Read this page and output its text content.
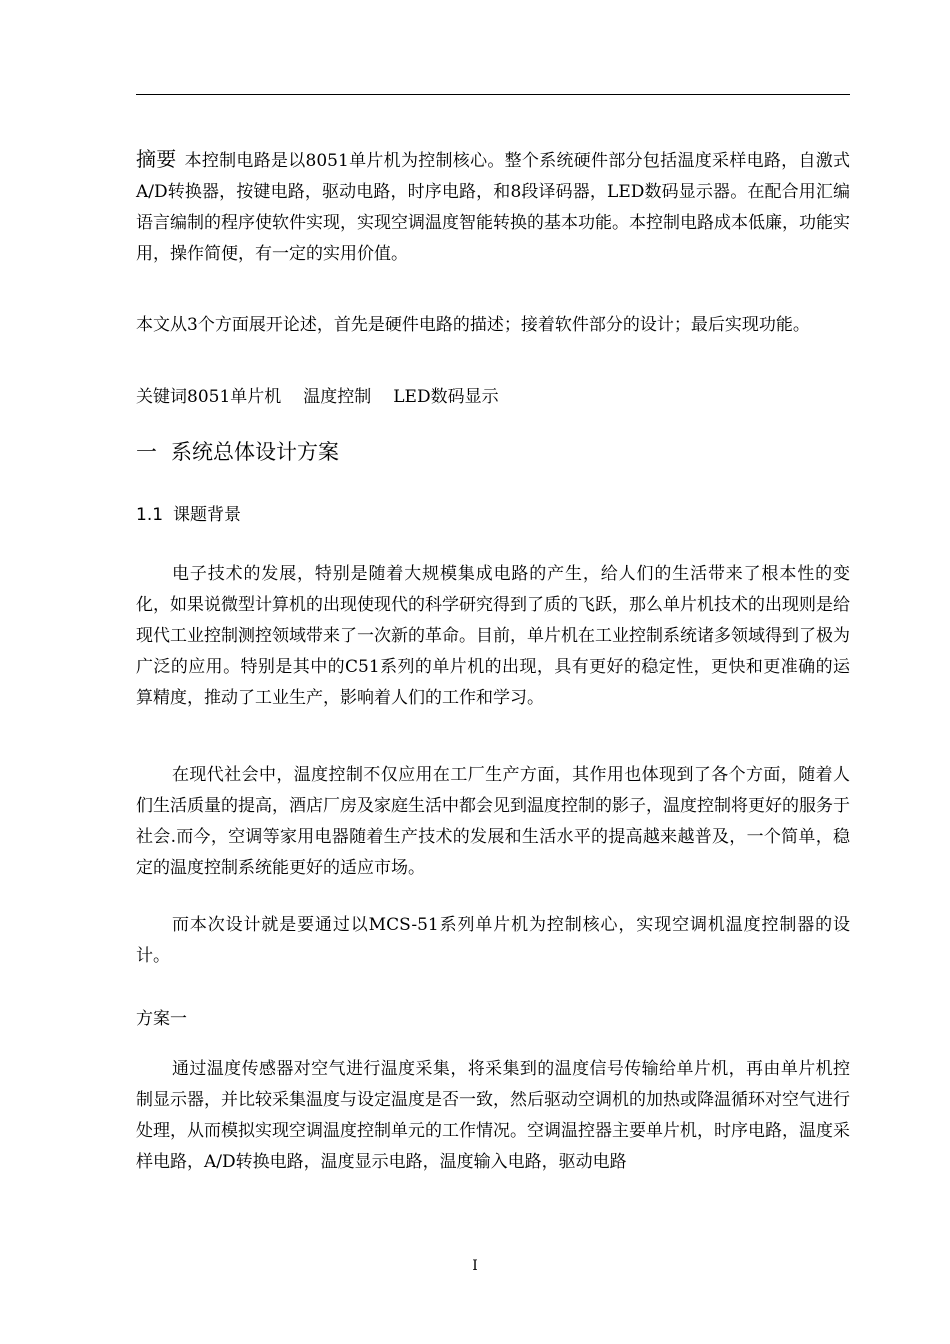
摘要 本控制电路是以8051单片机为控制核心。整个系统硬件部分包括温度采样电路，自激式A/D转换器，按键电路，驱动电路，时序电路，和8段译码器，LED数码显示器。在配合用汇编语言编制的程序使软件实现，实现空调温度智能转换的基本功能。本控制电路成本低廉，功能实用，操作简便，有一定的实用价值。

本文从3个方面展开论述，首先是硬件电路的描述；接着软件部分的设计；最后实现功能。

关键词8051单片机 温度控制 LED数码显示
一 系统总体设计方案
1.1 课题背景

电子技术的发展，特别是随着大规模集成电路的产生，给人们的生活带来了根本性的变化，如果说微型计算机的出现使现代的科学研究得到了质的飞跃，那么单片机技术的出现则是给现代工业控制测控领域带来了一次新的革命。目前，单片机在工业控制系统诸多领域得到了极为广泛的应用。特别是其中的C51系列的单片机的出现，具有更好的稳定性，更快和更准确的运算精度，推动了工业生产，影响着人们的工作和学习。

在现代社会中，温度控制不仅应用在工厂生产方面，其作用也体现到了各个方面，随着人们生活质量的提高，酒店厂房及家庭生活中都会见到温度控制的影子，温度控制将更好的服务于社会.而今，空调等家用电器随着生产技术的发展和生活水平的提高越来越普及，一个简单，稳定的温度控制系统能更好的适应市场。

而本次设计就是要通过以MCS-51系列单片机为控制核心，实现空调机温度控制器的设计。

方案一

通过温度传感器对空气进行温度采集，将采集到的温度信号传输给单片机，再由单片机控制显示器，并比较采集温度与设定温度是否一致，然后驱动空调机的加热或降温循环对空气进行处理，从而模拟实现空调温度控制单元的工作情况。空调温控器主要单片机，时序电路，温度采样电路，A/D转换电路，温度显示电路，温度输入电路，驱动电路

I
